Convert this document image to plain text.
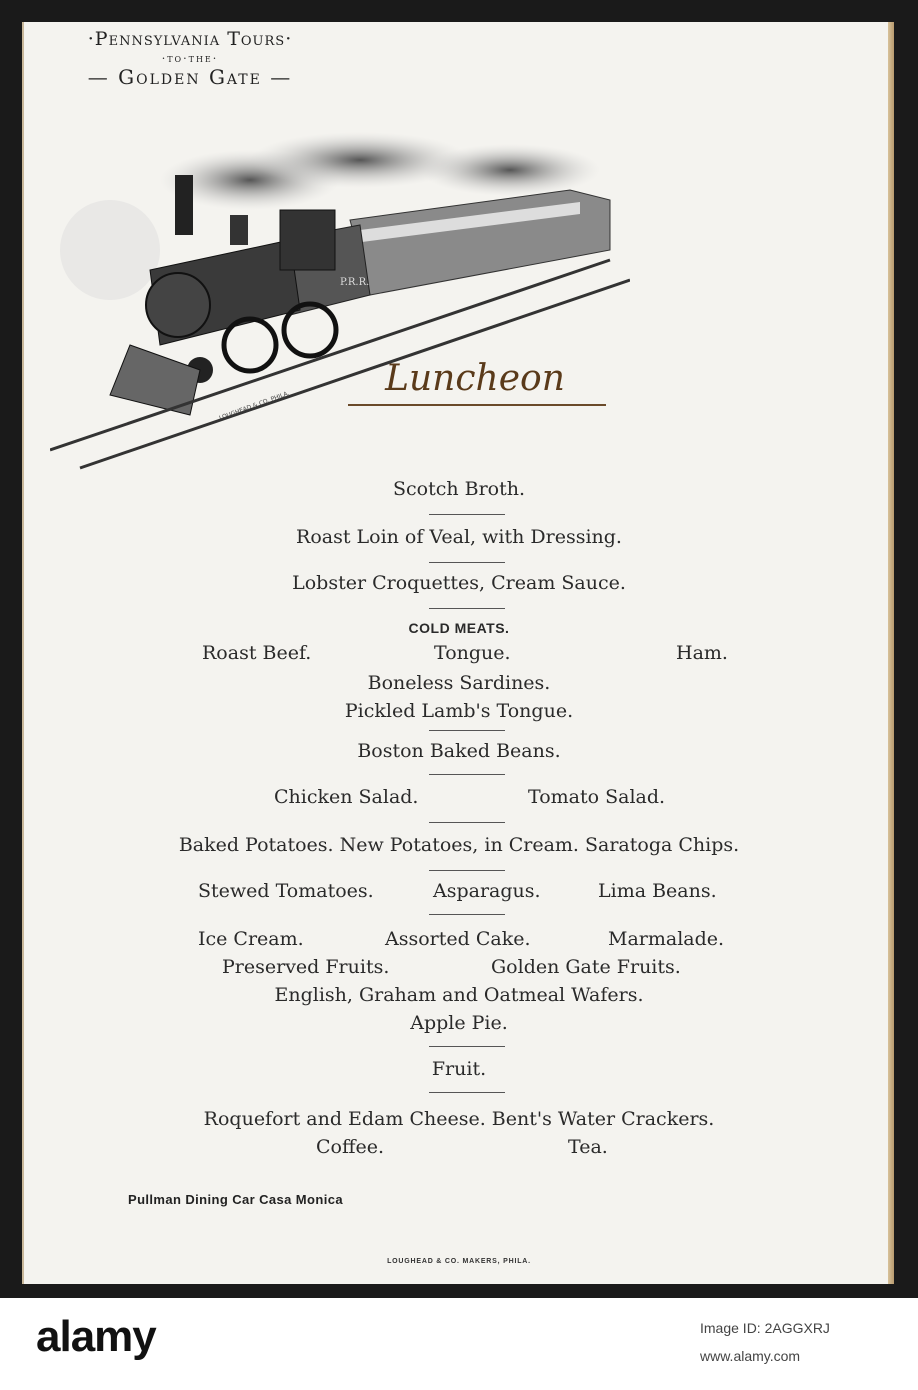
·Pennsylvania Tours·
·to·the·
— Golden Gate —
P.R.R.
LOUGHEAD & CO. PHILA.
Luncheon
Scotch Broth.
Roast Loin of Veal, with Dressing.
Lobster Croquettes, Cream Sauce.
COLD MEATS.
Roast Beef.	Tongue.	Ham.
Boneless Sardines.
Pickled Lamb's Tongue.
Boston Baked Beans.
Chicken Salad.	Tomato Salad.
Baked Potatoes. New Potatoes, in Cream. Saratoga Chips.
Stewed Tomatoes.	Asparagus.	Lima Beans.
Ice Cream.	Assorted Cake.	Marmalade.
Preserved Fruits.	Golden Gate Fruits.
English, Graham and Oatmeal Wafers.
Apple Pie.
Fruit.
Roquefort and Edam Cheese. Bent's Water Crackers.
Coffee.	Tea.
Pullman Dining Car Casa Monica
LOUGHEAD & CO. MAKERS, PHILA.
alamy	Image ID: 2AGGXRJ
www.alamy.com
